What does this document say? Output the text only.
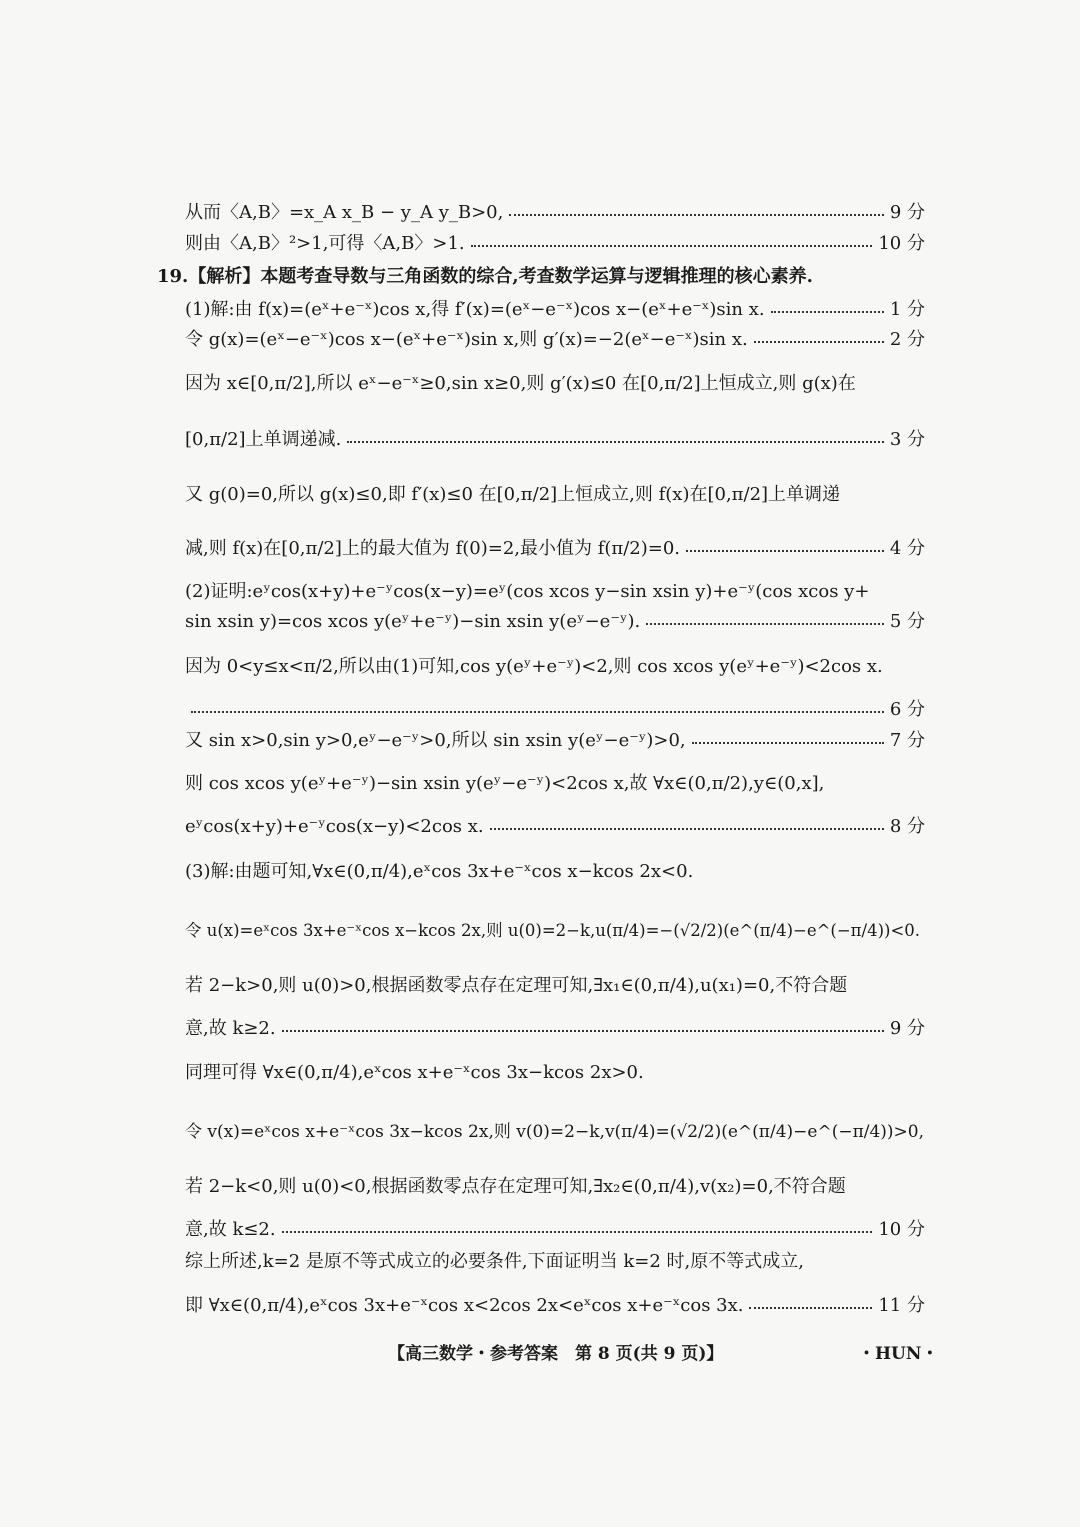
从而〈A,B〉=x_A x_B − y_A y_B>0,	9 分
则由〈A,B〉²>1,可得〈A,B〉>1.	10 分
19.【解析】本题考查导数与三角函数的综合,考查数学运算与逻辑推理的核心素养.
(1)解:由 f(x)=(eˣ+e⁻ˣ)cos x,得 f′(x)=(eˣ−e⁻ˣ)cos x−(eˣ+e⁻ˣ)sin x.	1 分
令 g(x)=(eˣ−e⁻ˣ)cos x−(eˣ+e⁻ˣ)sin x,则 g′(x)=−2(eˣ−e⁻ˣ)sin x.	2 分
因为 x∈[0,π/2],所以 eˣ−e⁻ˣ≥0,sin x≥0,则 g′(x)≤0 在[0,π/2]上恒成立,则 g(x)在
[0,π/2]上单调递减.	3 分
又 g(0)=0,所以 g(x)≤0,即 f′(x)≤0 在[0,π/2]上恒成立,则 f(x)在[0,π/2]上单调递
减,则 f(x)在[0,π/2]上的最大值为 f(0)=2,最小值为 f(π/2)=0.	4 分
(2)证明:eʸcos(x+y)+e⁻ʸcos(x−y)=eʸ(cos xcos y−sin xsin y)+e⁻ʸ(cos xcos y+
sin xsin y)=cos xcos y(eʸ+e⁻ʸ)−sin xsin y(eʸ−e⁻ʸ).	5 分
因为 0<y≤x<π/2,所以由(1)可知,cos y(eʸ+e⁻ʸ)<2,则 cos xcos y(eʸ+e⁻ʸ)<2cos x.
6 分
又 sin x>0,sin y>0,eʸ−e⁻ʸ>0,所以 sin xsin y(eʸ−e⁻ʸ)>0,	7 分
则 cos xcos y(eʸ+e⁻ʸ)−sin xsin y(eʸ−e⁻ʸ)<2cos x,故 ∀x∈(0,π/2),y∈(0,x],
eʸcos(x+y)+e⁻ʸcos(x−y)<2cos x.	8 分
(3)解:由题可知,∀x∈(0,π/4),eˣcos 3x+e⁻ˣcos x−kcos 2x<0.
令 u(x)=eˣcos 3x+e⁻ˣcos x−kcos 2x,则 u(0)=2−k,u(π/4)=−(√2/2)(e^(π/4)−e^(−π/4))<0.
若 2−k>0,则 u(0)>0,根据函数零点存在定理可知,∃x₁∈(0,π/4),u(x₁)=0,不符合题
意,故 k≥2.	9 分
同理可得 ∀x∈(0,π/4),eˣcos x+e⁻ˣcos 3x−kcos 2x>0.
令 v(x)=eˣcos x+e⁻ˣcos 3x−kcos 2x,则 v(0)=2−k,v(π/4)=(√2/2)(e^(π/4)−e^(−π/4))>0,
若 2−k<0,则 u(0)<0,根据函数零点存在定理可知,∃x₂∈(0,π/4),v(x₂)=0,不符合题
意,故 k≤2.	10 分
综上所述,k=2 是原不等式成立的必要条件,下面证明当 k=2 时,原不等式成立,
即 ∀x∈(0,π/4),eˣcos 3x+e⁻ˣcos x<2cos 2x<eˣcos x+e⁻ˣcos 3x.	11 分
【高三数学・参考答案　第 8 页(共 9 页)】	・HUN・
